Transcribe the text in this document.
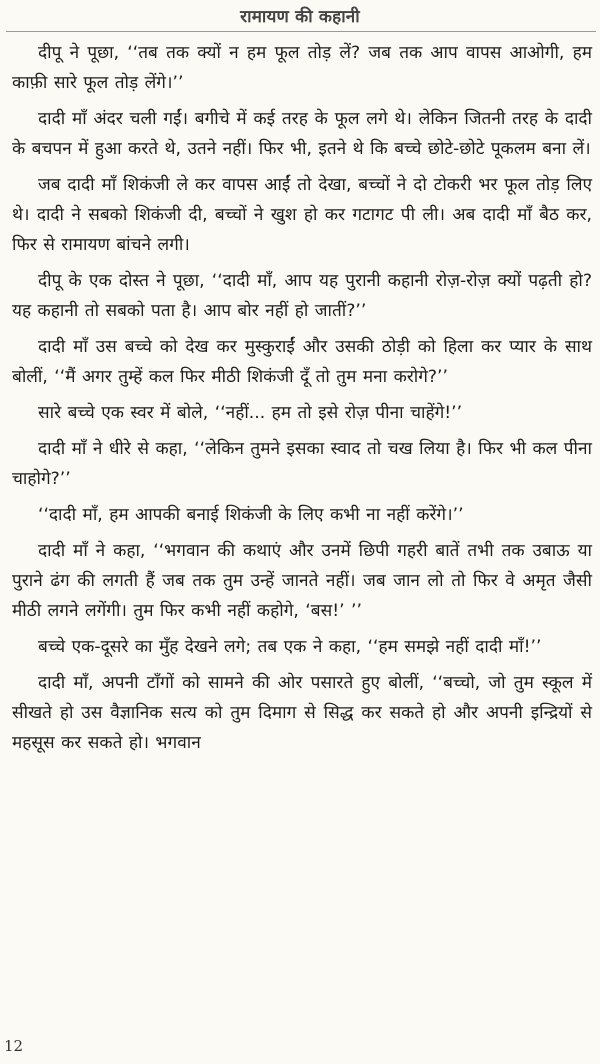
रामायण की कहानी

दीपू ने पूछा, ‘‘तब तक क्यों न हम फूल तोड़ लें? जब तक आप वापस आओगी, हम काफ़ी सारे फूल तोड़ लेंगे।’’

दादी माँ अंदर चली गईं। बगीचे में कई तरह के फूल लगे थे। लेकिन जितनी तरह के दादी के बचपन में हुआ करते थे, उतने नहीं। फिर भी, इतने थे कि बच्चे छोटे-छोटे पूकलम बना लें।

जब दादी माँ शिकंजी ले कर वापस आईं तो देखा, बच्चों ने दो टोकरी भर फूल तोड़ लिए थे। दादी ने सबको शिकंजी दी, बच्चों ने खुश हो कर गटागट पी ली। अब दादी माँ बैठ कर, फिर से रामायण बांचने लगी।

दीपू के एक दोस्त ने पूछा, ‘‘दादी माँ, आप यह पुरानी कहानी रोज़-रोज़ क्यों पढ़ती हो? यह कहानी तो सबको पता है। आप बोर नहीं हो जातीं?’’

दादी माँ उस बच्चे को देख कर मुस्कुराईं और उसकी ठोड़ी को हिला कर प्यार के साथ बोलीं, ‘‘मैं अगर तुम्हें कल फिर मीठी शिकंजी दूँ तो तुम मना करोगे?’’

सारे बच्चे एक स्वर में बोले, ‘‘नहीं... हम तो इसे रोज़ पीना चाहेंगे!’’

दादी माँ ने धीरे से कहा, ‘‘लेकिन तुमने इसका स्वाद तो चख लिया है। फिर भी कल पीना चाहोगे?’’

‘‘दादी माँ, हम आपकी बनाई शिकंजी के लिए कभी ना नहीं करेंगे।’’

दादी माँ ने कहा, ‘‘भगवान की कथाएं और उनमें छिपी गहरी बातें तभी तक उबाऊ या पुराने ढंग की लगती हैं जब तक तुम उन्हें जानते नहीं। जब जान लो तो फिर वे अमृत जैसी मीठी लगने लगेंगी। तुम फिर कभी नहीं कहोगे, ‘बस!’ ’’

बच्चे एक-दूसरे का मुँह देखने लगे; तब एक ने कहा, ‘‘हम समझे नहीं दादी माँ!’’

दादी माँ, अपनी टाँगों को सामने की ओर पसारते हुए बोलीं, ‘‘बच्चो, जो तुम स्कूल में सीखते हो उस वैज्ञानिक सत्य को तुम दिमाग से सिद्ध कर सकते हो और अपनी इन्द्रियों से महसूस कर सकते हो। भगवान

12
